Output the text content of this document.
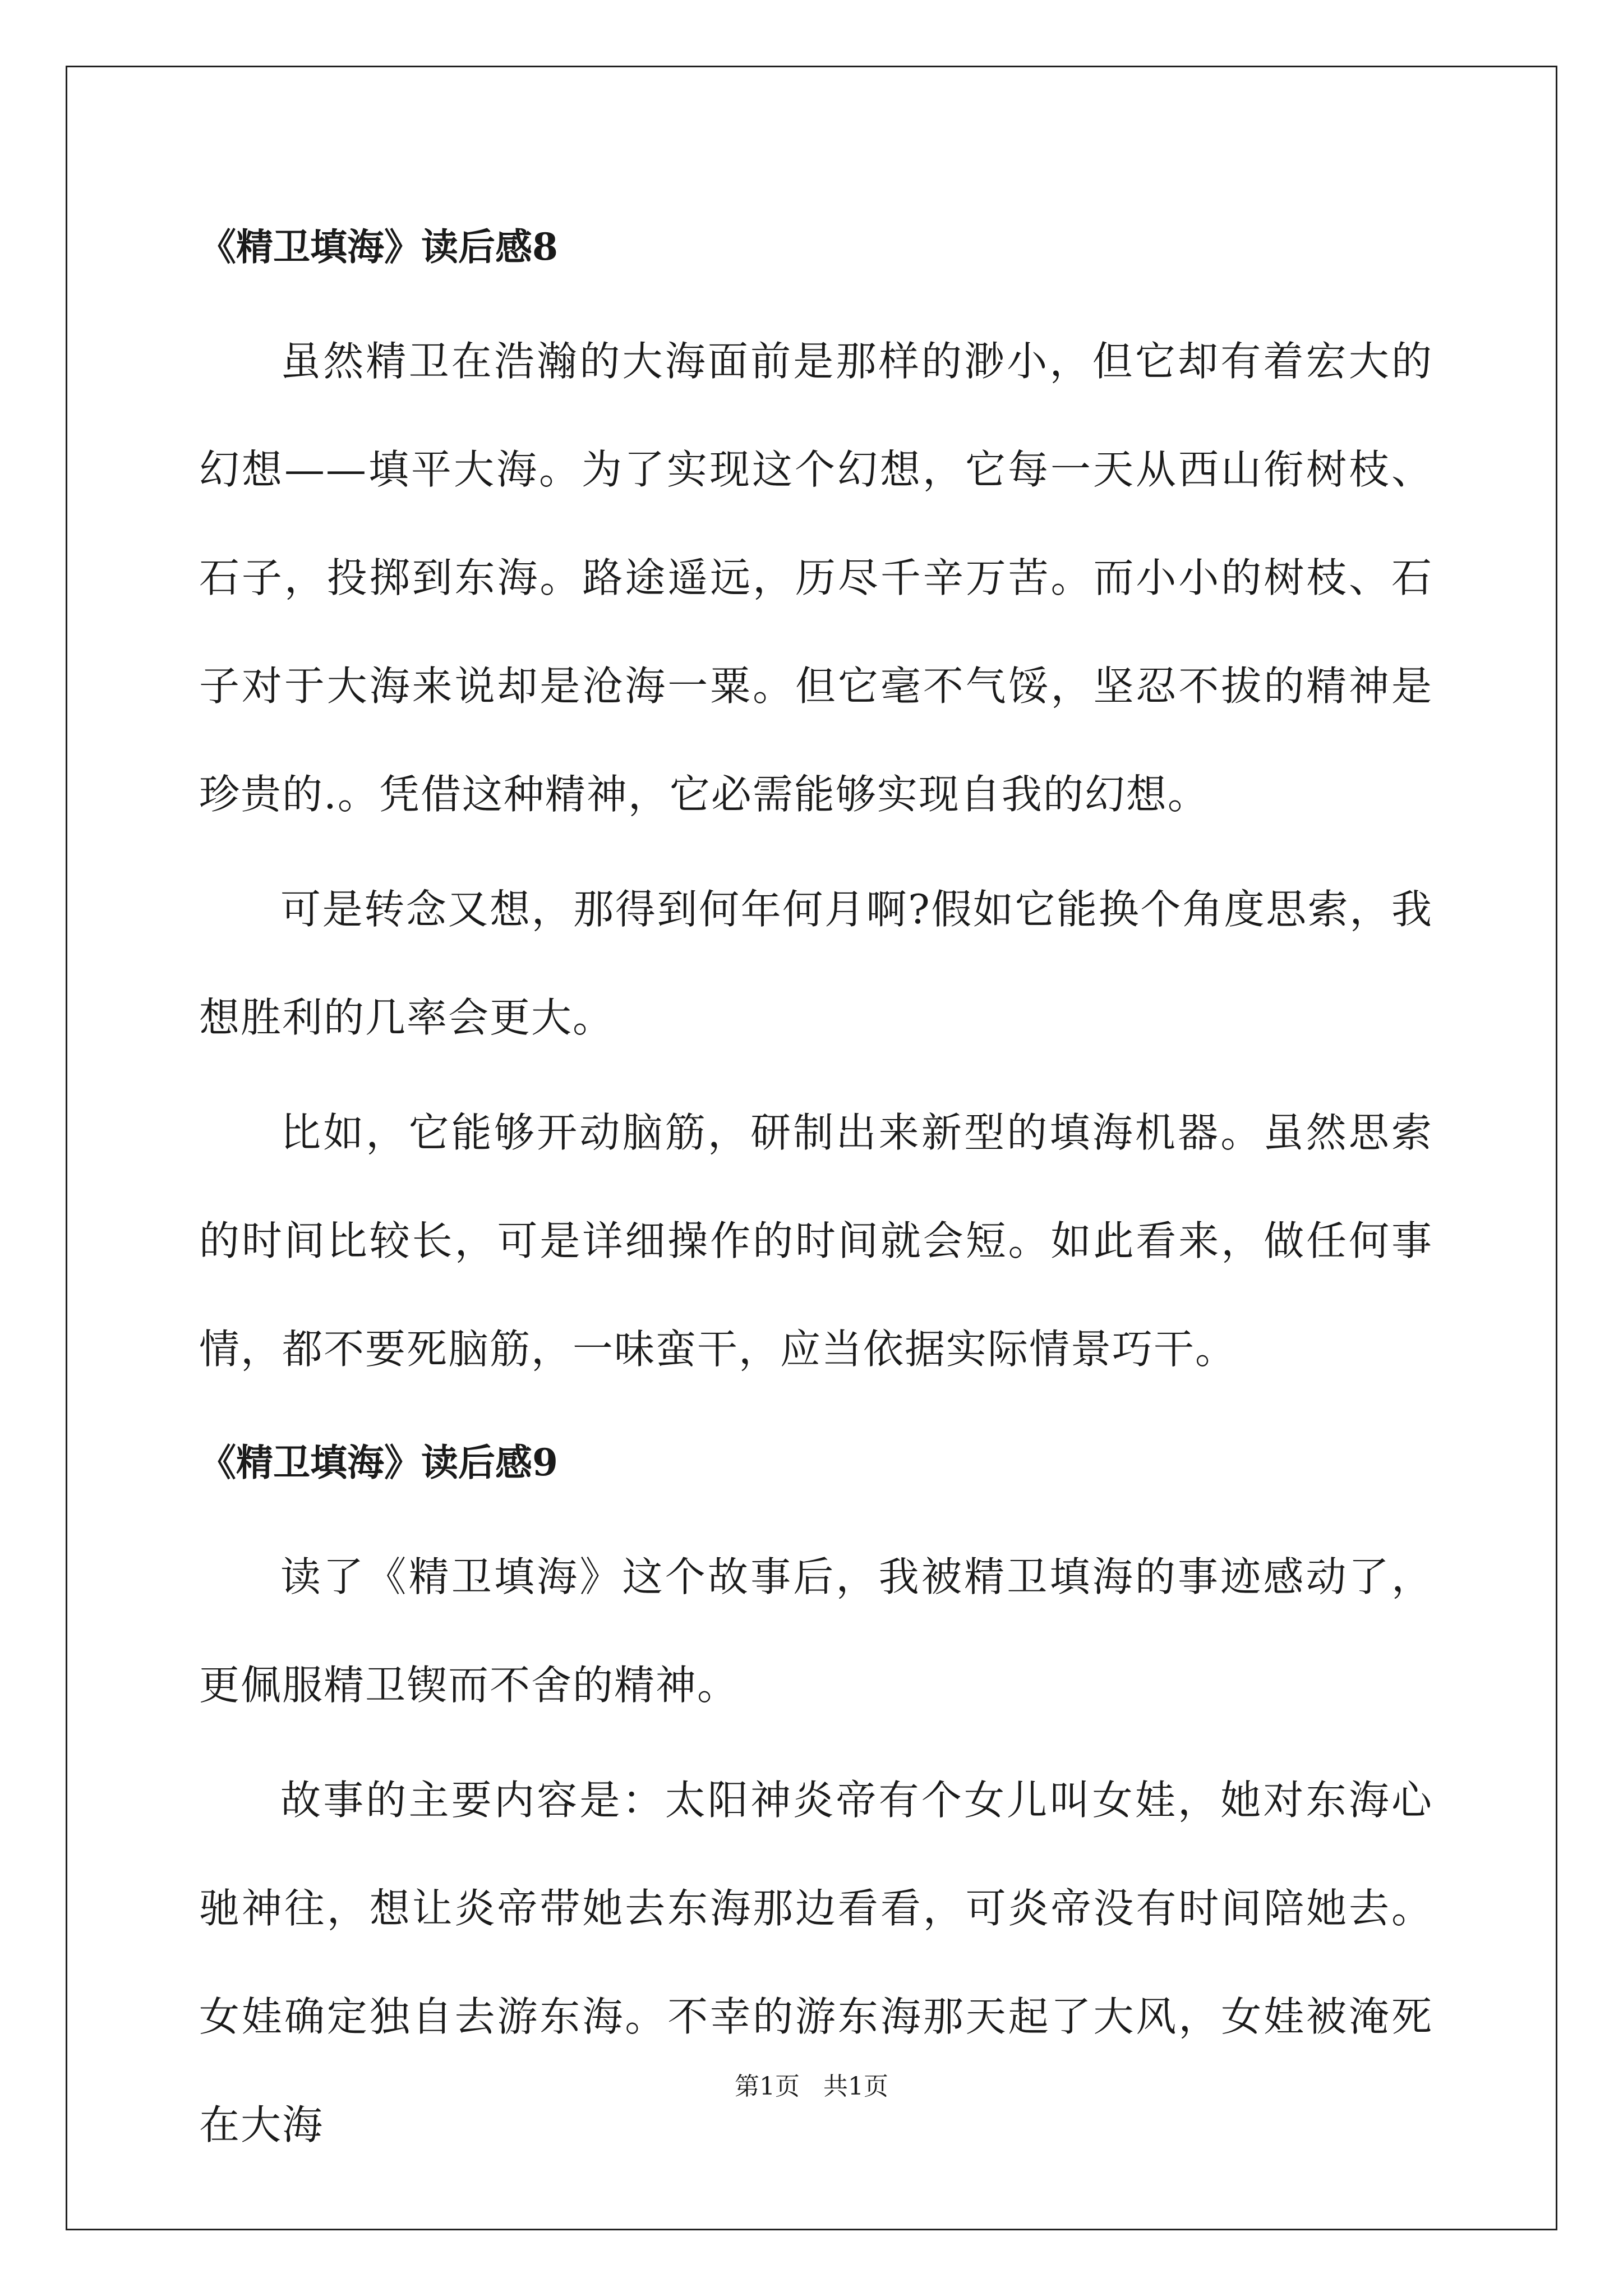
《精卫填海》读后感8

虽然精卫在浩瀚的大海面前是那样的渺小，但它却有着宏大的幻想——填平大海。为了实现这个幻想，它每一天从西山衔树枝、石子，投掷到东海。路途遥远，历尽千辛万苦。而小小的树枝、石子对于大海来说却是沧海一粟。但它毫不气馁，坚忍不拔的精神是珍贵的.。凭借这种精神，它必需能够实现自我的幻想。

可是转念又想，那得到何年何月啊?假如它能换个角度思索，我想胜利的几率会更大。

比如，它能够开动脑筋，研制出来新型的填海机器。虽然思索的时间比较长，可是详细操作的时间就会短。如此看来，做任何事情，都不要死脑筋，一味蛮干，应当依据实际情景巧干。

《精卫填海》读后感9

读了《精卫填海》这个故事后，我被精卫填海的事迹感动了，更佩服精卫锲而不舍的精神。

故事的主要内容是：太阳神炎帝有个女儿叫女娃，她对东海心驰神往，想让炎帝带她去东海那边看看，可炎帝没有时间陪她去。女娃确定独自去游东海。不幸的游东海那天起了大风，女娃被淹死在大海

第1页   共1页
